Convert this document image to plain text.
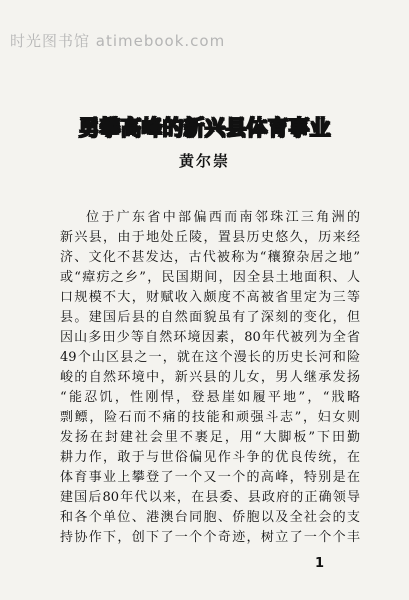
时光图书馆 atimebook.com
勇攀高峰的新兴县体育事业
黄尔崇
位于广东省中部偏西而南邻珠江三角洲的
新兴县，由于地处丘陵，置县历史悠久，历来经
济、文化不甚发达，古代被称为“穰獠杂居之地”
或“瘴疠之乡”，民国期间，因全县土地面积、人
口规模不大，财赋收入颇度不高被省里定为三等
县。建国后县的自然面貌虽有了深刻的变化，但
因山多田少等自然环境因素，80年代被列为全省
49个山区县之一，就在这个漫长的历史长河和险
峻的自然环境中，新兴县的儿女，男人继承发扬
“能忍饥，性刚悍，登悬崖如履平地”，“戕略
剽鳔，险石而不痛的技能和顽强斗志”，妇女则
发扬在封建社会里不裹足，用“大脚板”下田勤
耕力作，敢于与世俗偏见作斗争的优良传统，在
体育事业上攀登了一个又一个的高峰，特别是在
建国后80年代以来，在县委、县政府的正确领导
和各个单位、港澳台同胞、侨胞以及全社会的支
持协作下，创下了一个个奇迹，树立了一个个丰
1
